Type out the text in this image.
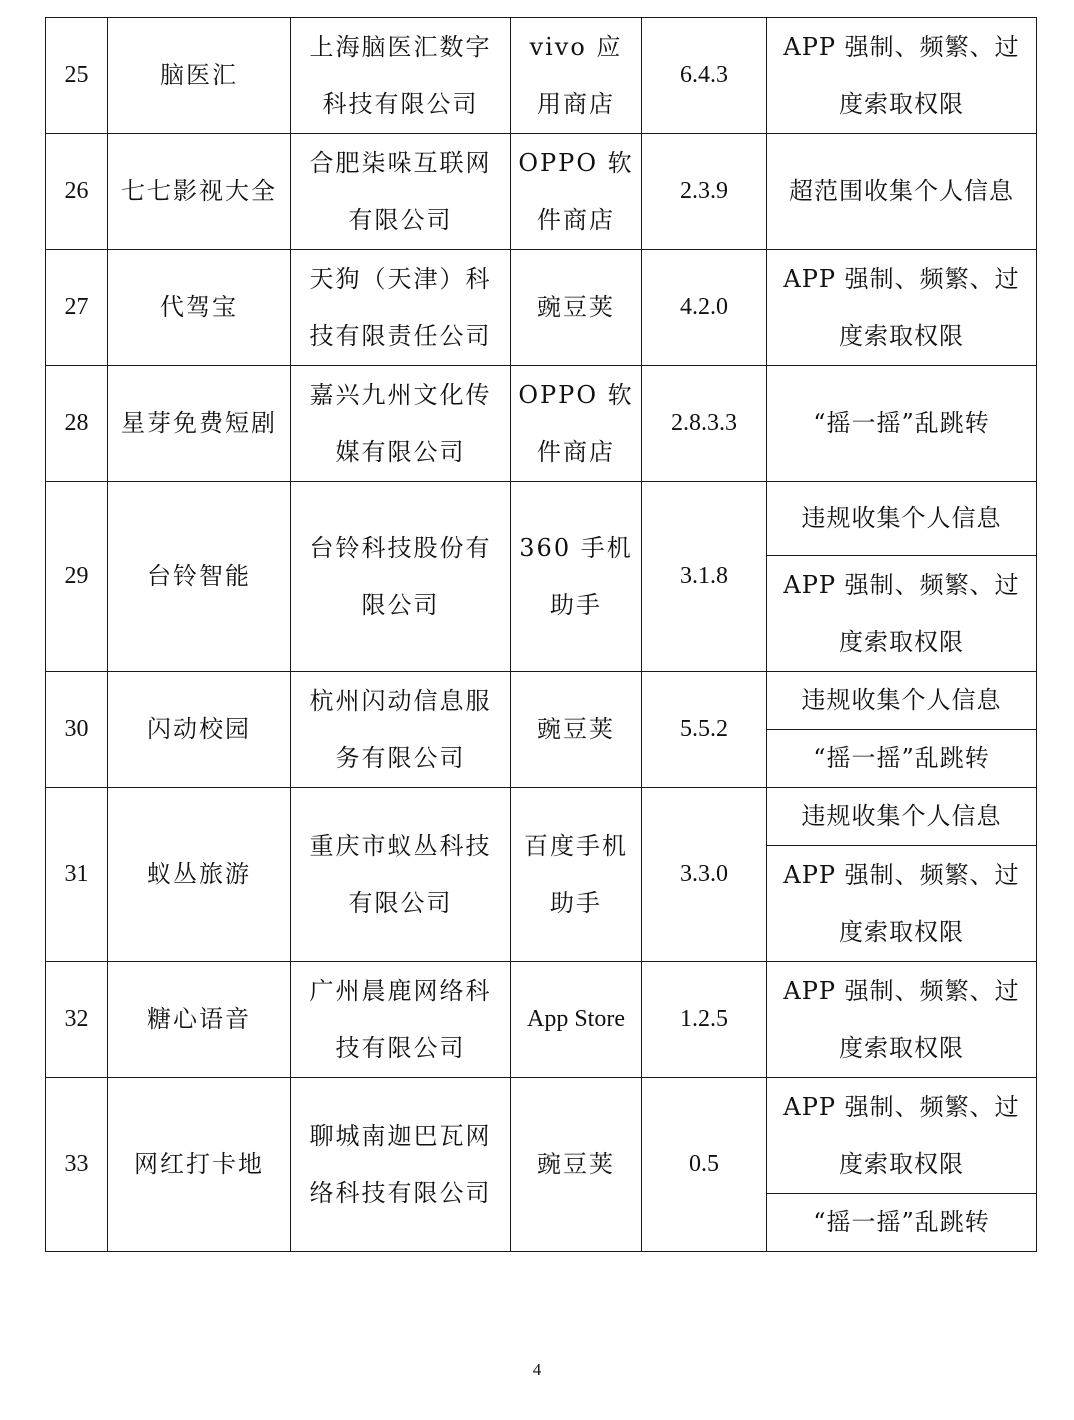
25	脑医汇	上海脑医汇数字科技有限公司	vivo 应用商店	6.4.3	APP 强制、频繁、过度索取权限
26	七七影视大全	合肥柒哚互联网有限公司	OPPO 软件商店	2.3.9	超范围收集个人信息
27	代驾宝	天狗（天津）科技有限责任公司	豌豆荚	4.2.0	APP 强制、频繁、过度索取权限
28	星芽免费短剧	嘉兴九州文化传媒有限公司	OPPO 软件商店	2.8.3.3	“摇一摇”乱跳转
29	台铃智能	台铃科技股份有限公司	360 手机助手	3.1.8	违规收集个人信息
					APP 强制、频繁、过度索取权限
30	闪动校园	杭州闪动信息服务有限公司	豌豆荚	5.5.2	违规收集个人信息
					“摇一摇”乱跳转
31	蚁丛旅游	重庆市蚁丛科技有限公司	百度手机助手	3.3.0	违规收集个人信息
					APP 强制、频繁、过度索取权限
32	糖心语音	广州晨鹿网络科技有限公司	App Store	1.2.5	APP 强制、频繁、过度索取权限
33	网红打卡地	聊城南迦巴瓦网络科技有限公司	豌豆荚	0.5	APP 强制、频繁、过度索取权限
					“摇一摇”乱跳转
4
